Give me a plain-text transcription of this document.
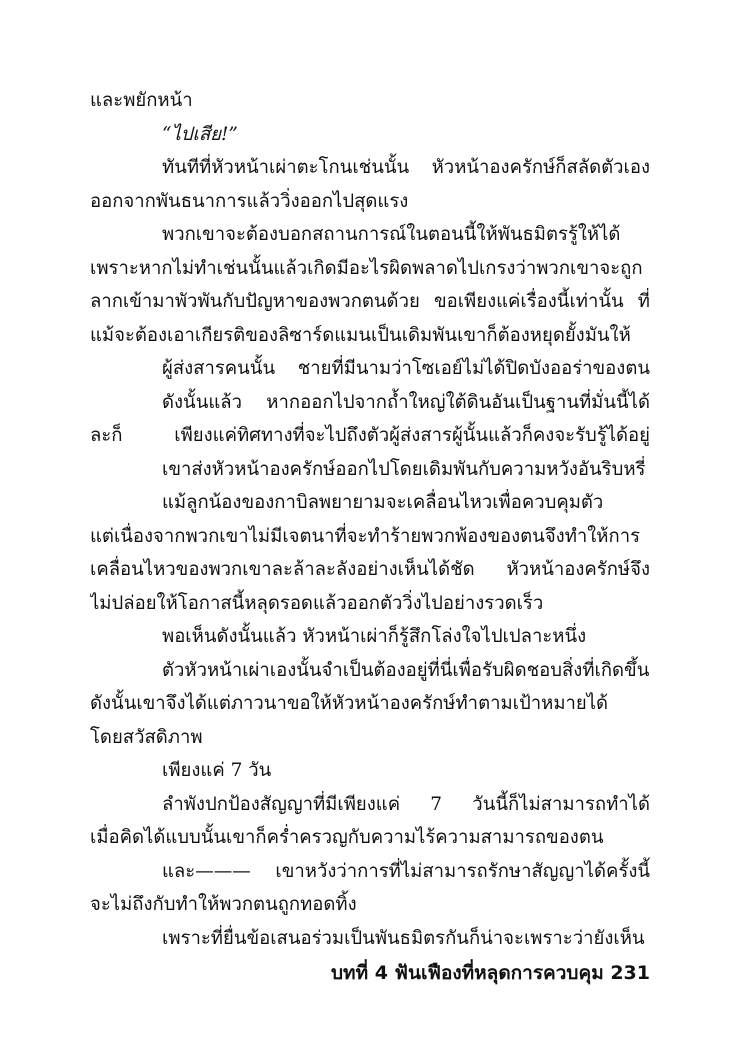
และพยักหน้า
“ไปเสีย!”
ทันทีที่หัวหน้าเผ่าตะโกนเช่นนั้น หัวหน้าองครักษ์ก็สลัดตัวเอง
ออกจากพันธนาการแล้ววิ่งออกไปสุดแรง
พวกเขาจะต้องบอกสถานการณ์ในตอนนี้ให้พันธมิตรรู้ให้ได้
เพราะหากไม่ทำเช่นนั้นแล้วเกิดมีอะไรผิดพลาดไปเกรงว่าพวกเขาจะถูก
ลากเข้ามาพัวพันกับปัญหาของพวกตนด้วย ขอเพียงแค่เรื่องนี้เท่านั้น ที่
แม้จะต้องเอาเกียรติของลิซาร์ดแมนเป็นเดิมพันเขาก็ต้องหยุดยั้งมันให้
ผู้ส่งสารคนนั้น ชายที่มีนามว่าโซเอย์ไม่ได้ปิดบังออร่าของตน
ดังนั้นแล้ว หากออกไปจากถ้ำใหญ่ใต้ดินอันเป็นฐานที่มั่นนี้ได้
ละก็ เพียงแค่ทิศทางที่จะไปถึงตัวผู้ส่งสารผู้นั้นแล้วก็คงจะรับรู้ได้อยู่
เขาส่งหัวหน้าองครักษ์ออกไปโดยเดิมพันกับความหวังอันริบหรี่
แม้ลูกน้องของกาบิลพยายามจะเคลื่อนไหวเพื่อควบคุมตัว
แต่เนื่องจากพวกเขาไม่มีเจตนาที่จะทำร้ายพวกพ้องของตนจึงทำให้การ
เคลื่อนไหวของพวกเขาละล้าละลังอย่างเห็นได้ชัด หัวหน้าองครักษ์จึง
ไม่ปล่อยให้โอกาสนี้หลุดรอดแล้วออกตัววิ่งไปอย่างรวดเร็ว
พอเห็นดังนั้นแล้ว หัวหน้าเผ่าก็รู้สึกโล่งใจไปเปลาะหนึ่ง
ตัวหัวหน้าเผ่าเองนั้นจำเป็นต้องอยู่ที่นี่เพื่อรับผิดชอบสิ่งที่เกิดขึ้น
ดังนั้นเขาจึงได้แต่ภาวนาขอให้หัวหน้าองครักษ์ทำตามเป้าหมายได้
โดยสวัสดิภาพ
เพียงแค่ 7 วัน
ลำพังปกป้องสัญญาที่มีเพียงแค่ 7 วันนี้ก็ไม่สามารถทำได้
เมื่อคิดได้แบบนั้นเขาก็คร่ำครวญกับความไร้ความสามารถของตน
และ——— เขาหวังว่าการที่ไม่สามารถรักษาสัญญาได้ครั้งนี้
จะไม่ถึงกับทำให้พวกตนถูกทอดทิ้ง
เพราะที่ยื่นข้อเสนอร่วมเป็นพันธมิตรกันก็น่าจะเพราะว่ายังเห็น
บทที่ 4 ฟันเฟืองที่หลุดการควบคุม 231
